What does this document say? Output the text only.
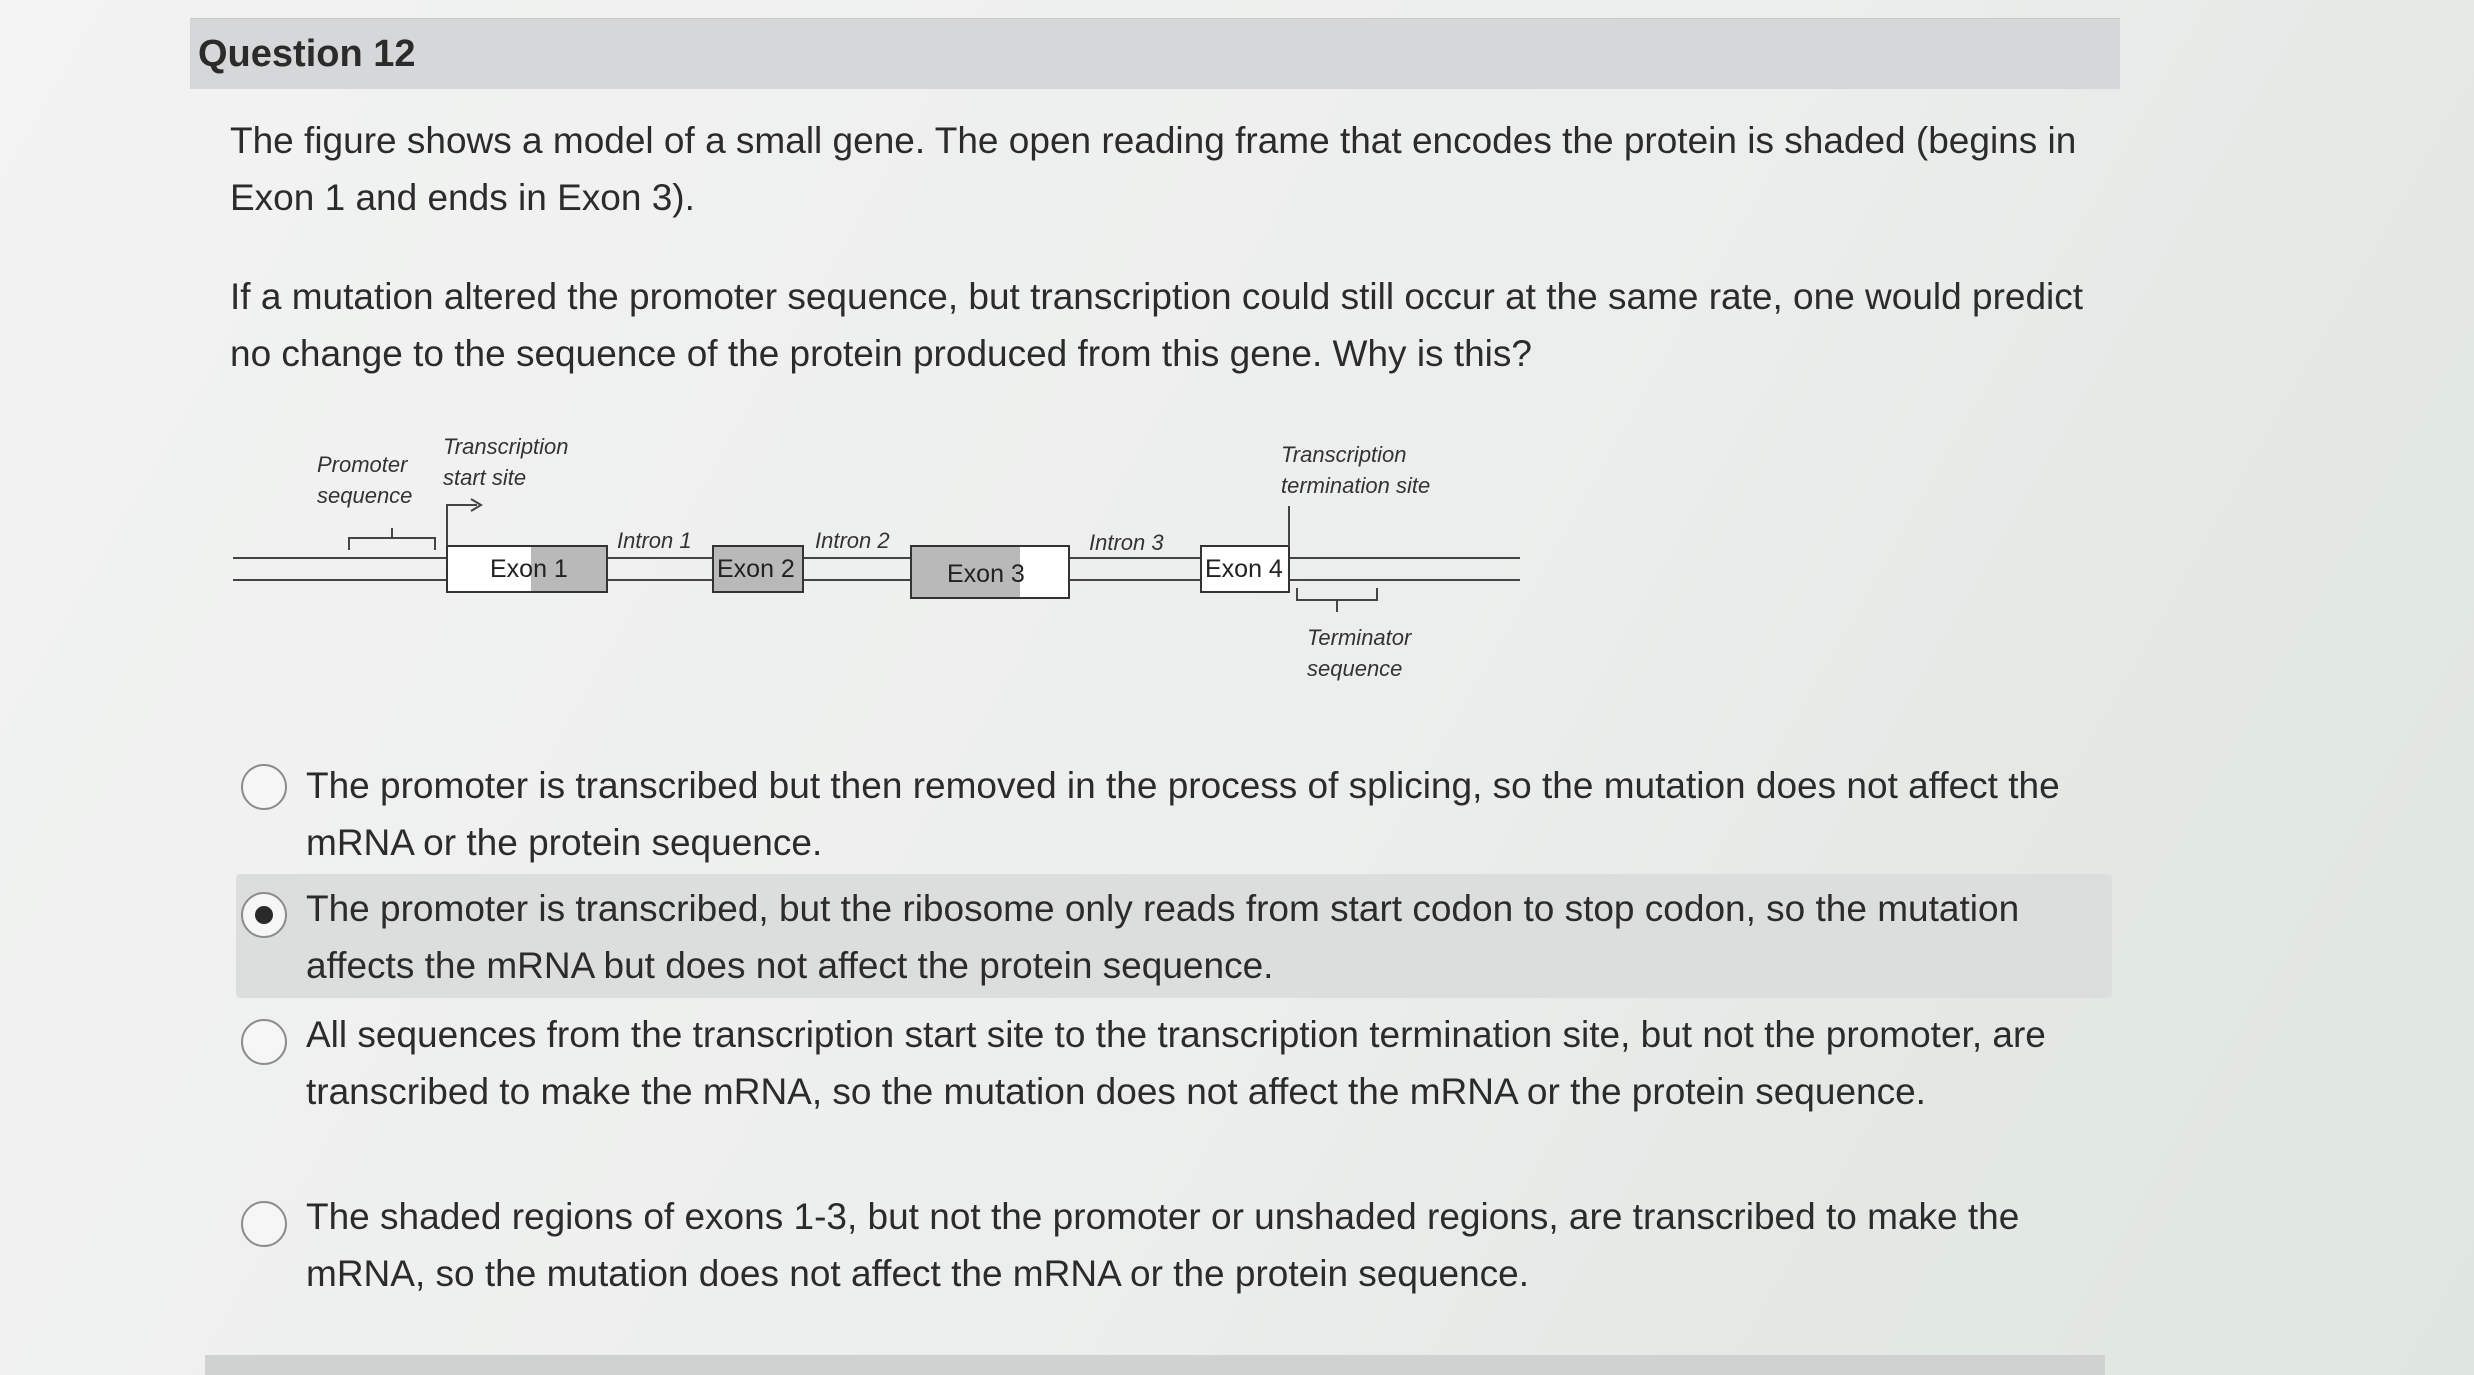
Question 12
The figure shows a model of a small gene. The open reading frame that encodes the protein is shaded (begins in Exon 1 and ends in Exon 3).
If a mutation altered the promoter sequence, but transcription could still occur at the same rate, one would predict no change to the sequence of the protein produced from this gene. Why is this?
Promoter
sequence
Transcription
start site
Exon 1
Intron 1
Exon 2
Intron 2
Exon 3
Intron 3
Exon 4
Transcription
termination site
Terminator
sequence
The promoter is transcribed but then removed in the process of splicing, so the mutation does not affect the mRNA or the protein sequence.
The promoter is transcribed, but the ribosome only reads from start codon to stop codon, so the mutation affects the mRNA but does not affect the protein sequence.
All sequences from the transcription start site to the transcription termination site, but not the promoter, are transcribed to make the mRNA, so the mutation does not affect the mRNA or the protein sequence.
The shaded regions of exons 1-3, but not the promoter or unshaded regions, are transcribed to make the mRNA, so the mutation does not affect the mRNA or the protein sequence.
